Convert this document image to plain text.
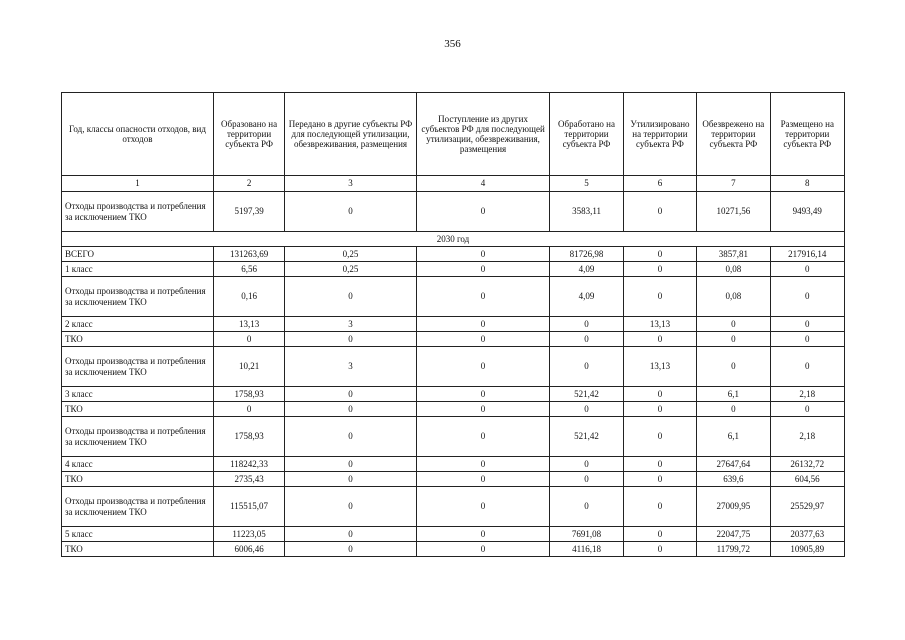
356
Год, классы опасности отходов, вид отходов	Образовано на территории субъекта РФ	Передано в другие субъекты РФ для последующей утилизации, обезвреживания, размещения	Поступление из других субъектов РФ для последующей утилизации, обезвреживания, размещения	Обработано на территории субъекта РФ	Утилизировано на территории субъекта РФ	Обезврежено на территории субъекта РФ	Размещено на территории субъекта РФ
1	2	3	4	5	6	7	8
Отходы производства и потребления за исключением ТКО	5197,39	0	0	3583,11	0	10271,56	9493,49
2030 год							
ВСЕГО	131263,69	0,25	0	81726,98	0	3857,81	217916,14
1 класс	6,56	0,25	0	4,09	0	0,08	0
Отходы производства и потребления за исключением ТКО	0,16	0	0	4,09	0	0,08	0
2 класс	13,13	3	0	0	13,13	0	0
ТКО	0	0	0	0	0	0	0
Отходы производства и потребления за исключением ТКО	10,21	3	0	0	13,13	0	0
3 класс	1758,93	0	0	521,42	0	6,1	2,18
ТКО	0	0	0	0	0	0	0
Отходы производства и потребления за исключением ТКО	1758,93	0	0	521,42	0	6,1	2,18
4 класс	118242,33	0	0	0	0	27647,64	26132,72
ТКО	2735,43	0	0	0	0	639,6	604,56
Отходы производства и потребления за исключением ТКО	115515,07	0	0	0	0	27009,95	25529,97
5 класс	11223,05	0	0	7691,08	0	22047,75	20377,63
ТКО	6006,46	0	0	4116,18	0	11799,72	10905,89
